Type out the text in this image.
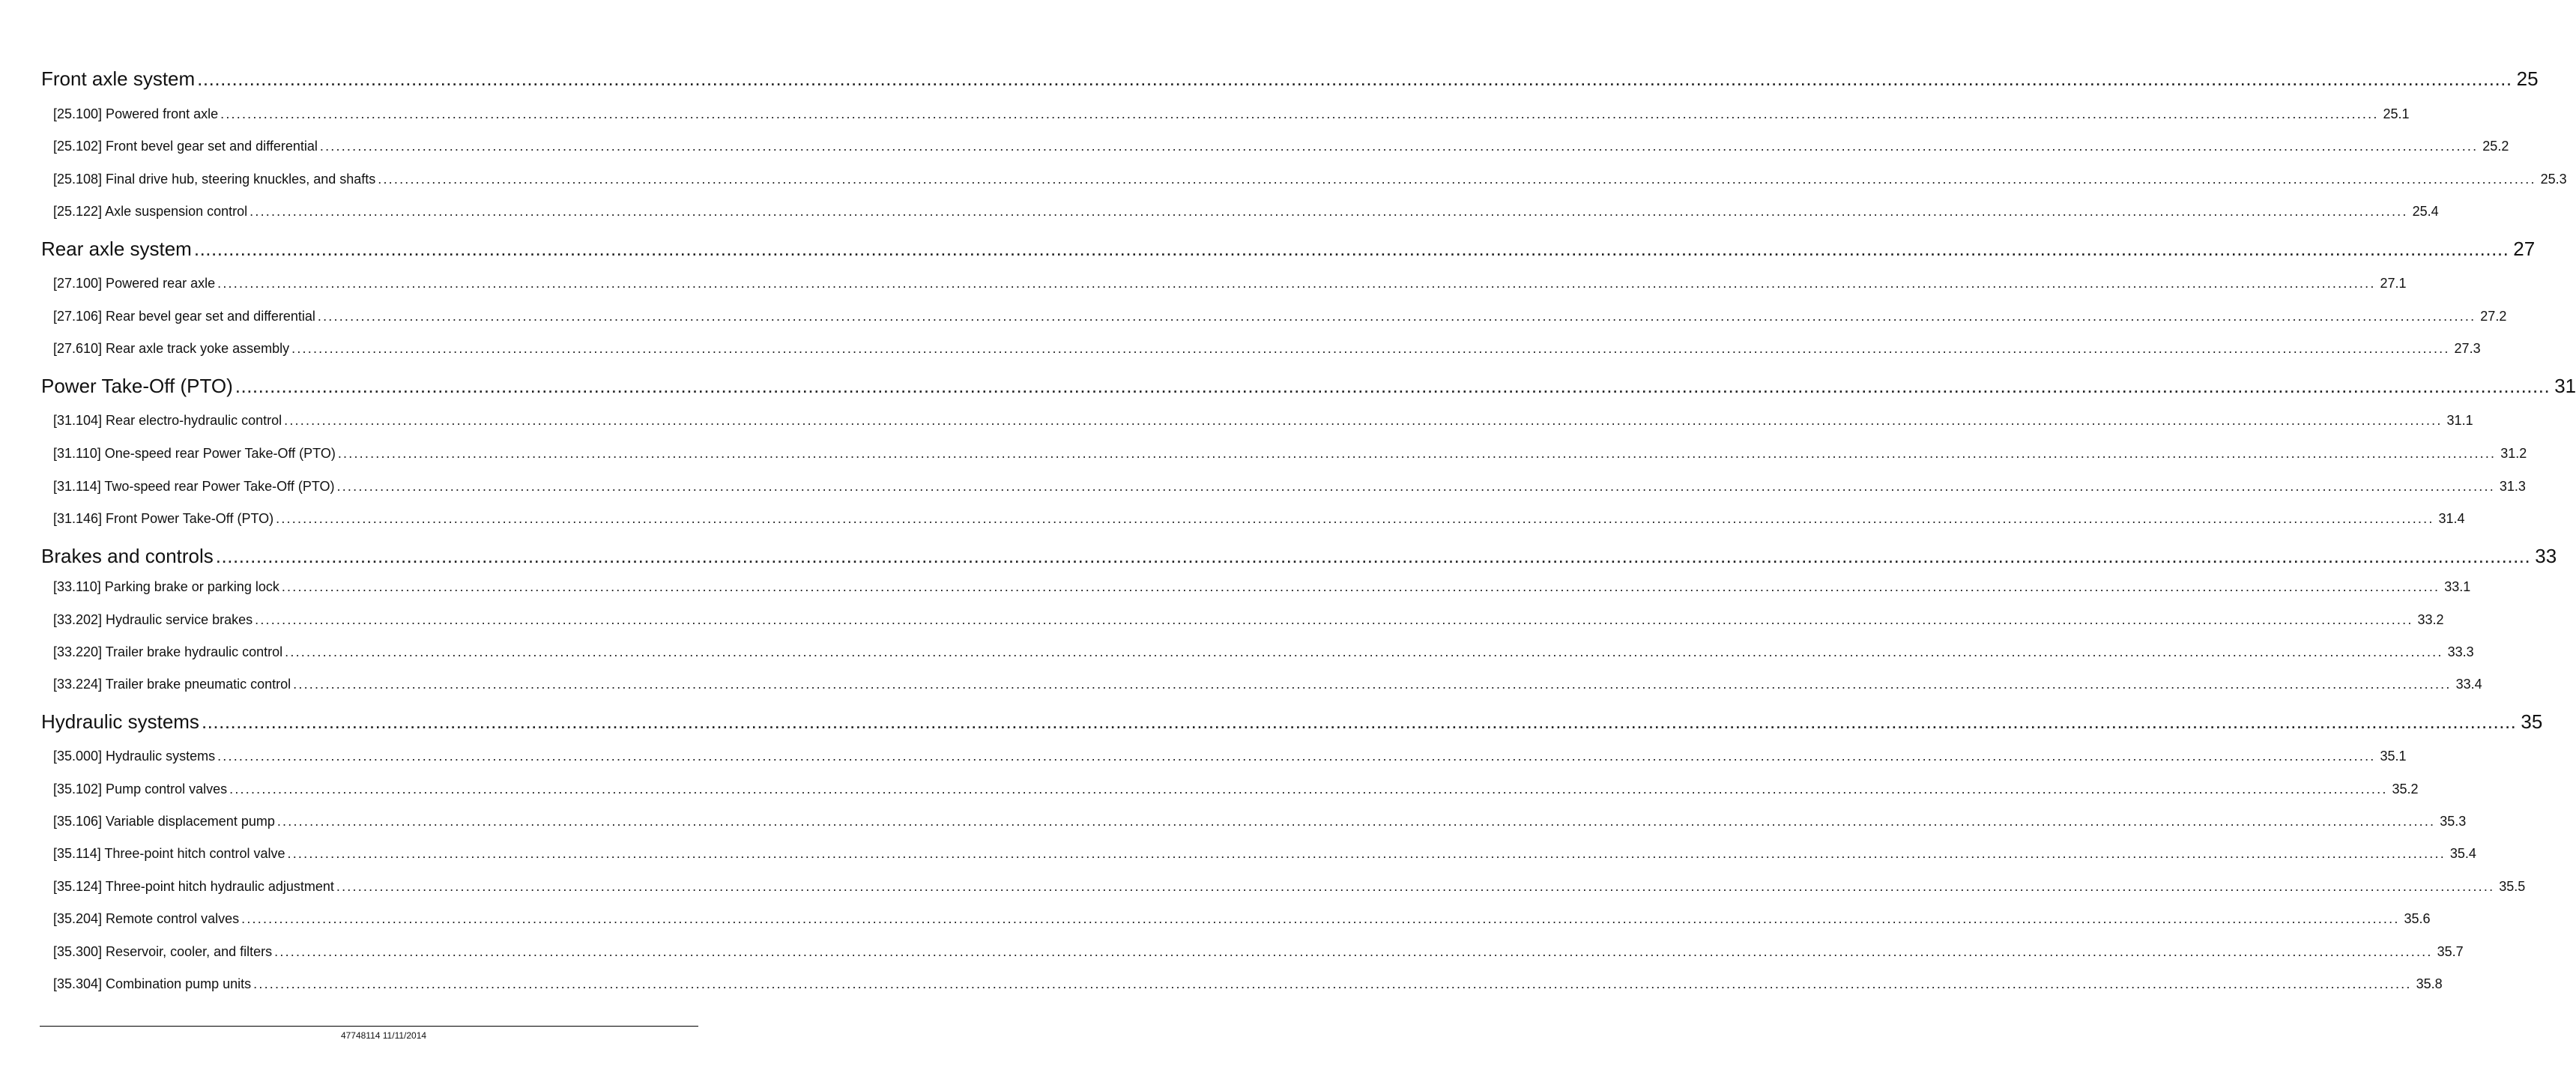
Front axle system ................................................................................................................................................................................................................................................................................................................................................................................................................ 25
[25.100] Powered front axle ................................................................................................................................................................................................................................................................................................................................................................................................................ 25.1
[25.102] Front bevel gear set and differential ................................................................................................................................................................................................................................................................................................................................................................................................................ 25.2
[25.108] Final drive hub, steering knuckles, and shafts ................................................................................................................................................................................................................................................................................................................................................................................................................ 25.3
[25.122] Axle suspension control ................................................................................................................................................................................................................................................................................................................................................................................................................ 25.4
Rear axle system ................................................................................................................................................................................................................................................................................................................................................................................................................ 27
[27.100] Powered rear axle ................................................................................................................................................................................................................................................................................................................................................................................................................ 27.1
[27.106] Rear bevel gear set and differential ................................................................................................................................................................................................................................................................................................................................................................................................................ 27.2
[27.610] Rear axle track yoke assembly ................................................................................................................................................................................................................................................................................................................................................................................................................ 27.3
Power Take-Off (PTO) ................................................................................................................................................................................................................................................................................................................................................................................................................ 31
[31.104] Rear electro-hydraulic control ................................................................................................................................................................................................................................................................................................................................................................................................................ 31.1
[31.110] One-speed rear Power Take-Off (PTO) ................................................................................................................................................................................................................................................................................................................................................................................................................ 31.2
[31.114] Two-speed rear Power Take-Off (PTO) ................................................................................................................................................................................................................................................................................................................................................................................................................ 31.3
[31.146] Front Power Take-Off (PTO) ................................................................................................................................................................................................................................................................................................................................................................................................................ 31.4
Brakes and controls ................................................................................................................................................................................................................................................................................................................................................................................................................ 33
[33.110] Parking brake or parking lock ................................................................................................................................................................................................................................................................................................................................................................................................................ 33.1
[33.202] Hydraulic service brakes ................................................................................................................................................................................................................................................................................................................................................................................................................ 33.2
[33.220] Trailer brake hydraulic control ................................................................................................................................................................................................................................................................................................................................................................................................................ 33.3
[33.224] Trailer brake pneumatic control ................................................................................................................................................................................................................................................................................................................................................................................................................ 33.4
Hydraulic systems ................................................................................................................................................................................................................................................................................................................................................................................................................ 35
[35.000] Hydraulic systems ................................................................................................................................................................................................................................................................................................................................................................................................................ 35.1
[35.102] Pump control valves ................................................................................................................................................................................................................................................................................................................................................................................................................ 35.2
[35.106] Variable displacement pump ................................................................................................................................................................................................................................................................................................................................................................................................................ 35.3
[35.114] Three-point hitch control valve ................................................................................................................................................................................................................................................................................................................................................................................................................ 35.4
[35.124] Three-point hitch hydraulic adjustment ................................................................................................................................................................................................................................................................................................................................................................................................................ 35.5
[35.204] Remote control valves ................................................................................................................................................................................................................................................................................................................................................................................................................ 35.6
[35.300] Reservoir, cooler, and filters ................................................................................................................................................................................................................................................................................................................................................................................................................ 35.7
[35.304] Combination pump units ................................................................................................................................................................................................................................................................................................................................................................................................................ 35.8
47748114 11/11/2014
